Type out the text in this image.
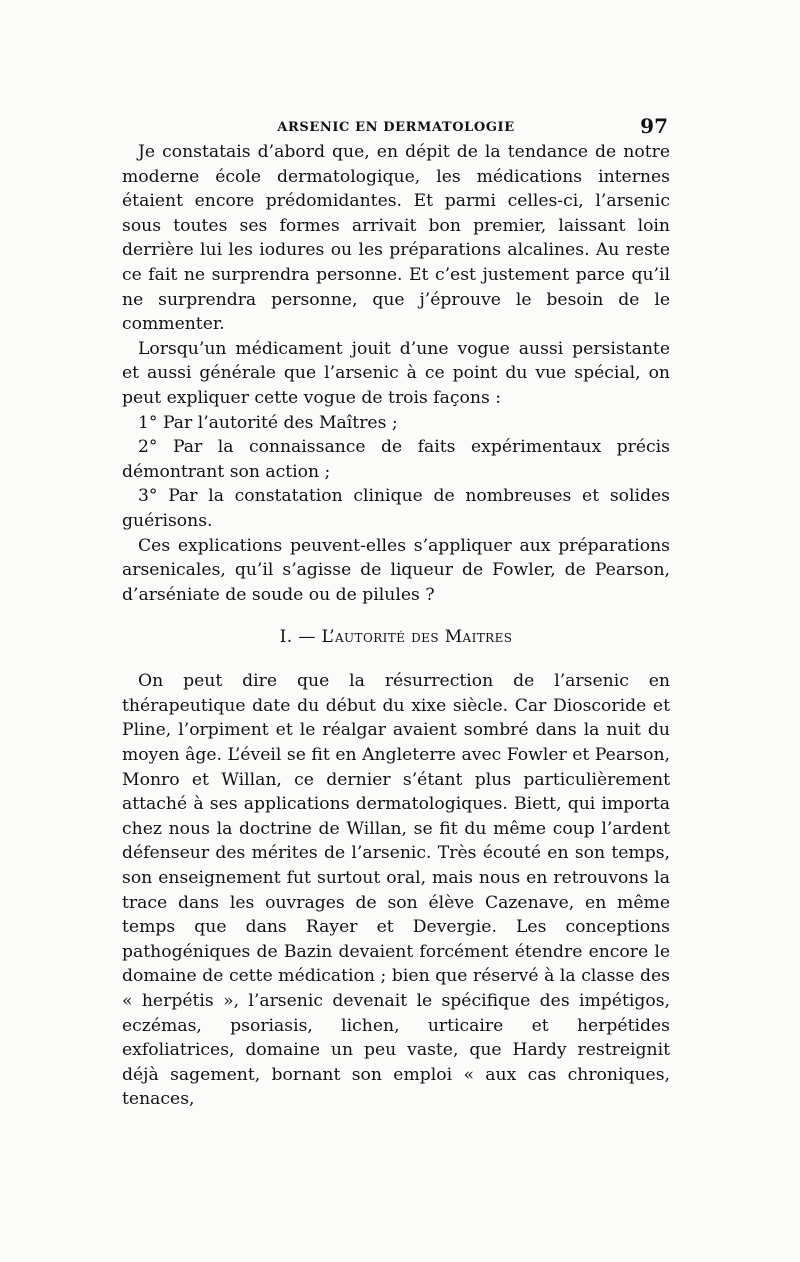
ARSENIC EN DERMATOLOGIE	97

Je constatais d’abord que, en dépit de la tendance de notre moderne école dermatologique, les médications internes étaient encore prédomidantes. Et parmi celles-ci, l’arsenic sous toutes ses formes arrivait bon premier, laissant loin derrière lui les iodures ou les préparations alcalines. Au reste ce fait ne surprendra personne. Et c’est justement parce qu’il ne surprendra personne, que j’éprouve le besoin de le commenter.

Lorsqu’un médicament jouit d’une vogue aussi persistante et aussi générale que l’arsenic à ce point du vue spécial, on peut expliquer cette vogue de trois façons :

1° Par l’autorité des Maîtres ;

2° Par la connaissance de faits expérimentaux précis démontrant son action ;

3° Par la constatation clinique de nombreuses et solides guérisons.

Ces explications peuvent-elles s’appliquer aux préparations arsenicales, qu’il s’agisse de liqueur de Fowler, de Pearson, d’arséniate de soude ou de pilules ?

I. — L’autorité des Maitres

On peut dire que la résurrection de l’arsenic en thérapeutique date du début du xixe siècle. Car Dioscoride et Pline, l’orpiment et le réalgar avaient sombré dans la nuit du moyen âge. L’éveil se fit en Angleterre avec Fowler et Pearson, Monro et Willan, ce dernier s’étant plus particulièrement attaché à ses applications dermatologiques. Biett, qui importa chez nous la doctrine de Willan, se fit du même coup l’ardent défenseur des mérites de l’arsenic. Très écouté en son temps, son enseignement fut surtout oral, mais nous en retrouvons la trace dans les ouvrages de son élève Cazenave, en même temps que dans Rayer et Devergie. Les conceptions pathogéniques de Bazin devaient forcément étendre encore le domaine de cette médication ; bien que réservé à la classe des « herpétis », l’arsenic devenait le spécifique des impétigos, eczémas, psoriasis, lichen, urticaire et herpétides exfoliatrices, domaine un peu vaste, que Hardy restreignit déjà sagement, bornant son emploi « aux cas chroniques, tenaces,
